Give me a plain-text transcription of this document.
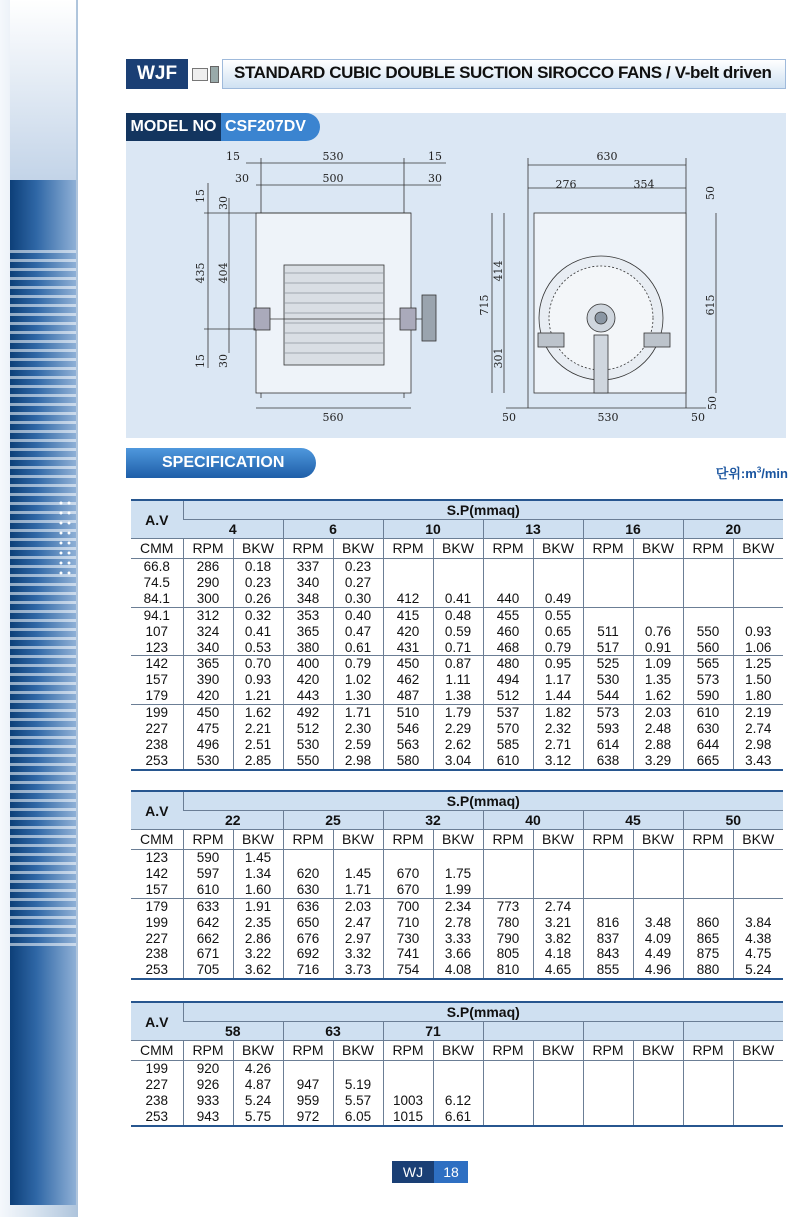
WJF	STANDARD CUBIC DOUBLE SUCTION SIROCCO FANS / V-belt driven
15	530	15
30	500	30
15 30
435 404
15 30
560
630
276	354
50
715
414
301
615
50
50	530	50
MODEL NO CSF207DV
SPECIFICATION
단위$:m^3/\min$
A.V	S.P(mmaq)											
	4		6		10		13		16		20	
CMM	RPM	BKW	RPM	BKW	RPM	BKW	RPM	BKW	RPM	BKW	RPM	BKW
66.8	286	0.18	337	0.23								
74.5	290	0.23	340	0.27								
84.1	300	0.26	348	0.30	412	0.41	440	0.49				
94.1	312	0.32	353	0.40	415	0.48	455	0.55				
107	324	0.41	365	0.47	420	0.59	460	0.65	511	0.76	550	0.93
123	340	0.53	380	0.61	431	0.71	468	0.79	517	0.91	560	1.06
142	365	0.70	400	0.79	450	0.87	480	0.95	525	1.09	565	1.25
157	390	0.93	420	1.02	462	1.11	494	1.17	530	1.35	573	1.50
179	420	1.21	443	1.30	487	1.38	512	1.44	544	1.62	590	1.80
199	450	1.62	492	1.71	510	1.79	537	1.82	573	2.03	610	2.19
227	475	2.21	512	2.30	546	2.29	570	2.32	593	2.48	630	2.74
238	496	2.51	530	2.59	563	2.62	585	2.71	614	2.88	644	2.98
253	530	2.85	550	2.98	580	3.04	610	3.12	638	3.29	665	3.43
A.V	S.P(mmaq)											
	22		25		32		40		45		50	
CMM	RPM	BKW	RPM	BKW	RPM	BKW	RPM	BKW	RPM	BKW	RPM	BKW
123	590	1.45										
142	597	1.34	620	1.45	670	1.75						
157	610	1.60	630	1.71	670	1.99						
179	633	1.91	636	2.03	700	2.34	773	2.74				
199	642	2.35	650	2.47	710	2.78	780	3.21	816	3.48	860	3.84
227	662	2.86	676	2.97	730	3.33	790	3.82	837	4.09	865	4.38
238	671	3.22	692	3.32	741	3.66	805	4.18	843	4.49	875	4.75
253	705	3.62	716	3.73	754	4.08	810	4.65	855	4.96	880	5.24
A.V	S.P(mmaq)											
	58		63		71							
CMM	RPM	BKW	RPM	BKW	RPM	BKW	RPM	BKW	RPM	BKW	RPM	BKW
199	920	4.26										
227	926	4.87	947	5.19								
238	933	5.24	959	5.57	1003	6.12						
253	943	5.75	972	6.05	1015	6.61						
WJ	18
